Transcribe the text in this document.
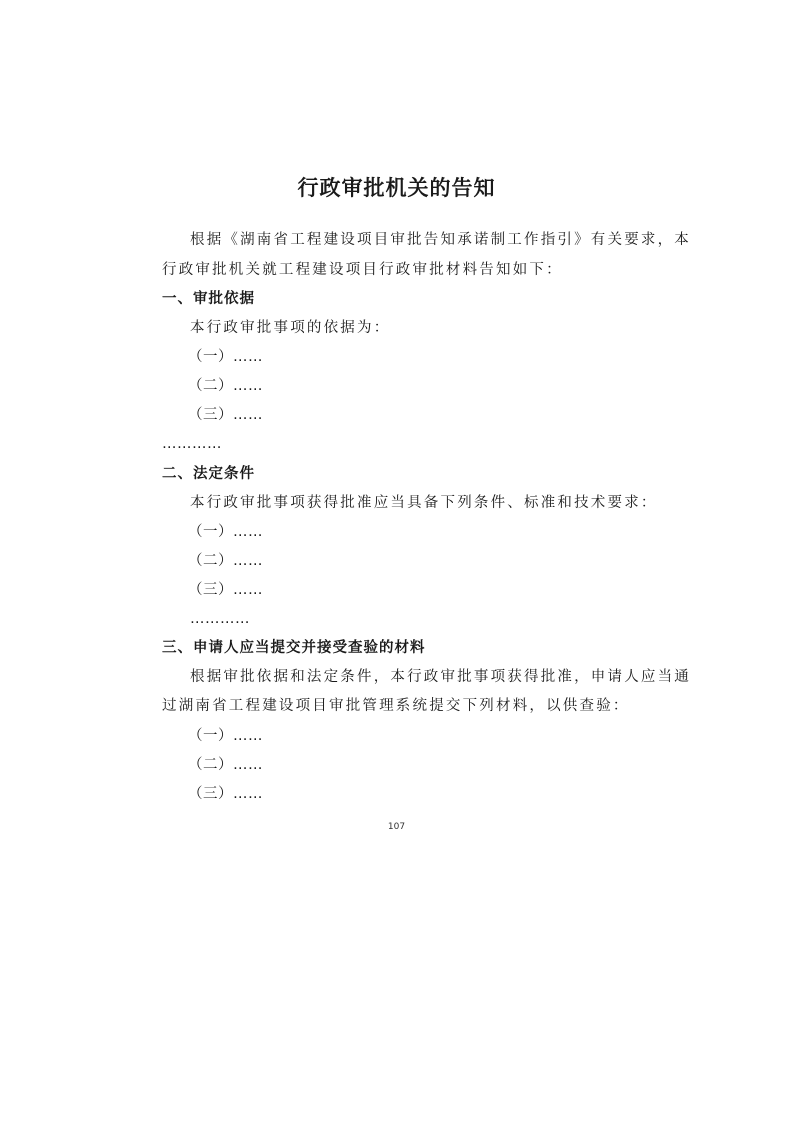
行政审批机关的告知

根据《湖南省工程建设项目审批告知承诺制工作指引》有关要求，本

行政审批机关就工程建设项目行政审批材料告知如下：

一、审批依据

本行政审批事项的依据为：

（一）……

（二）……

（三）……

…………

二、法定条件

本行政审批事项获得批准应当具备下列条件、标准和技术要求：

（一）……

（二）……

（三）……

…………

三、申请人应当提交并接受查验的材料

根据审批依据和法定条件，本行政审批事项获得批准，申请人应当通

过湖南省工程建设项目审批管理系统提交下列材料，以供查验：

（一）……

（二）……

（三）……

107
